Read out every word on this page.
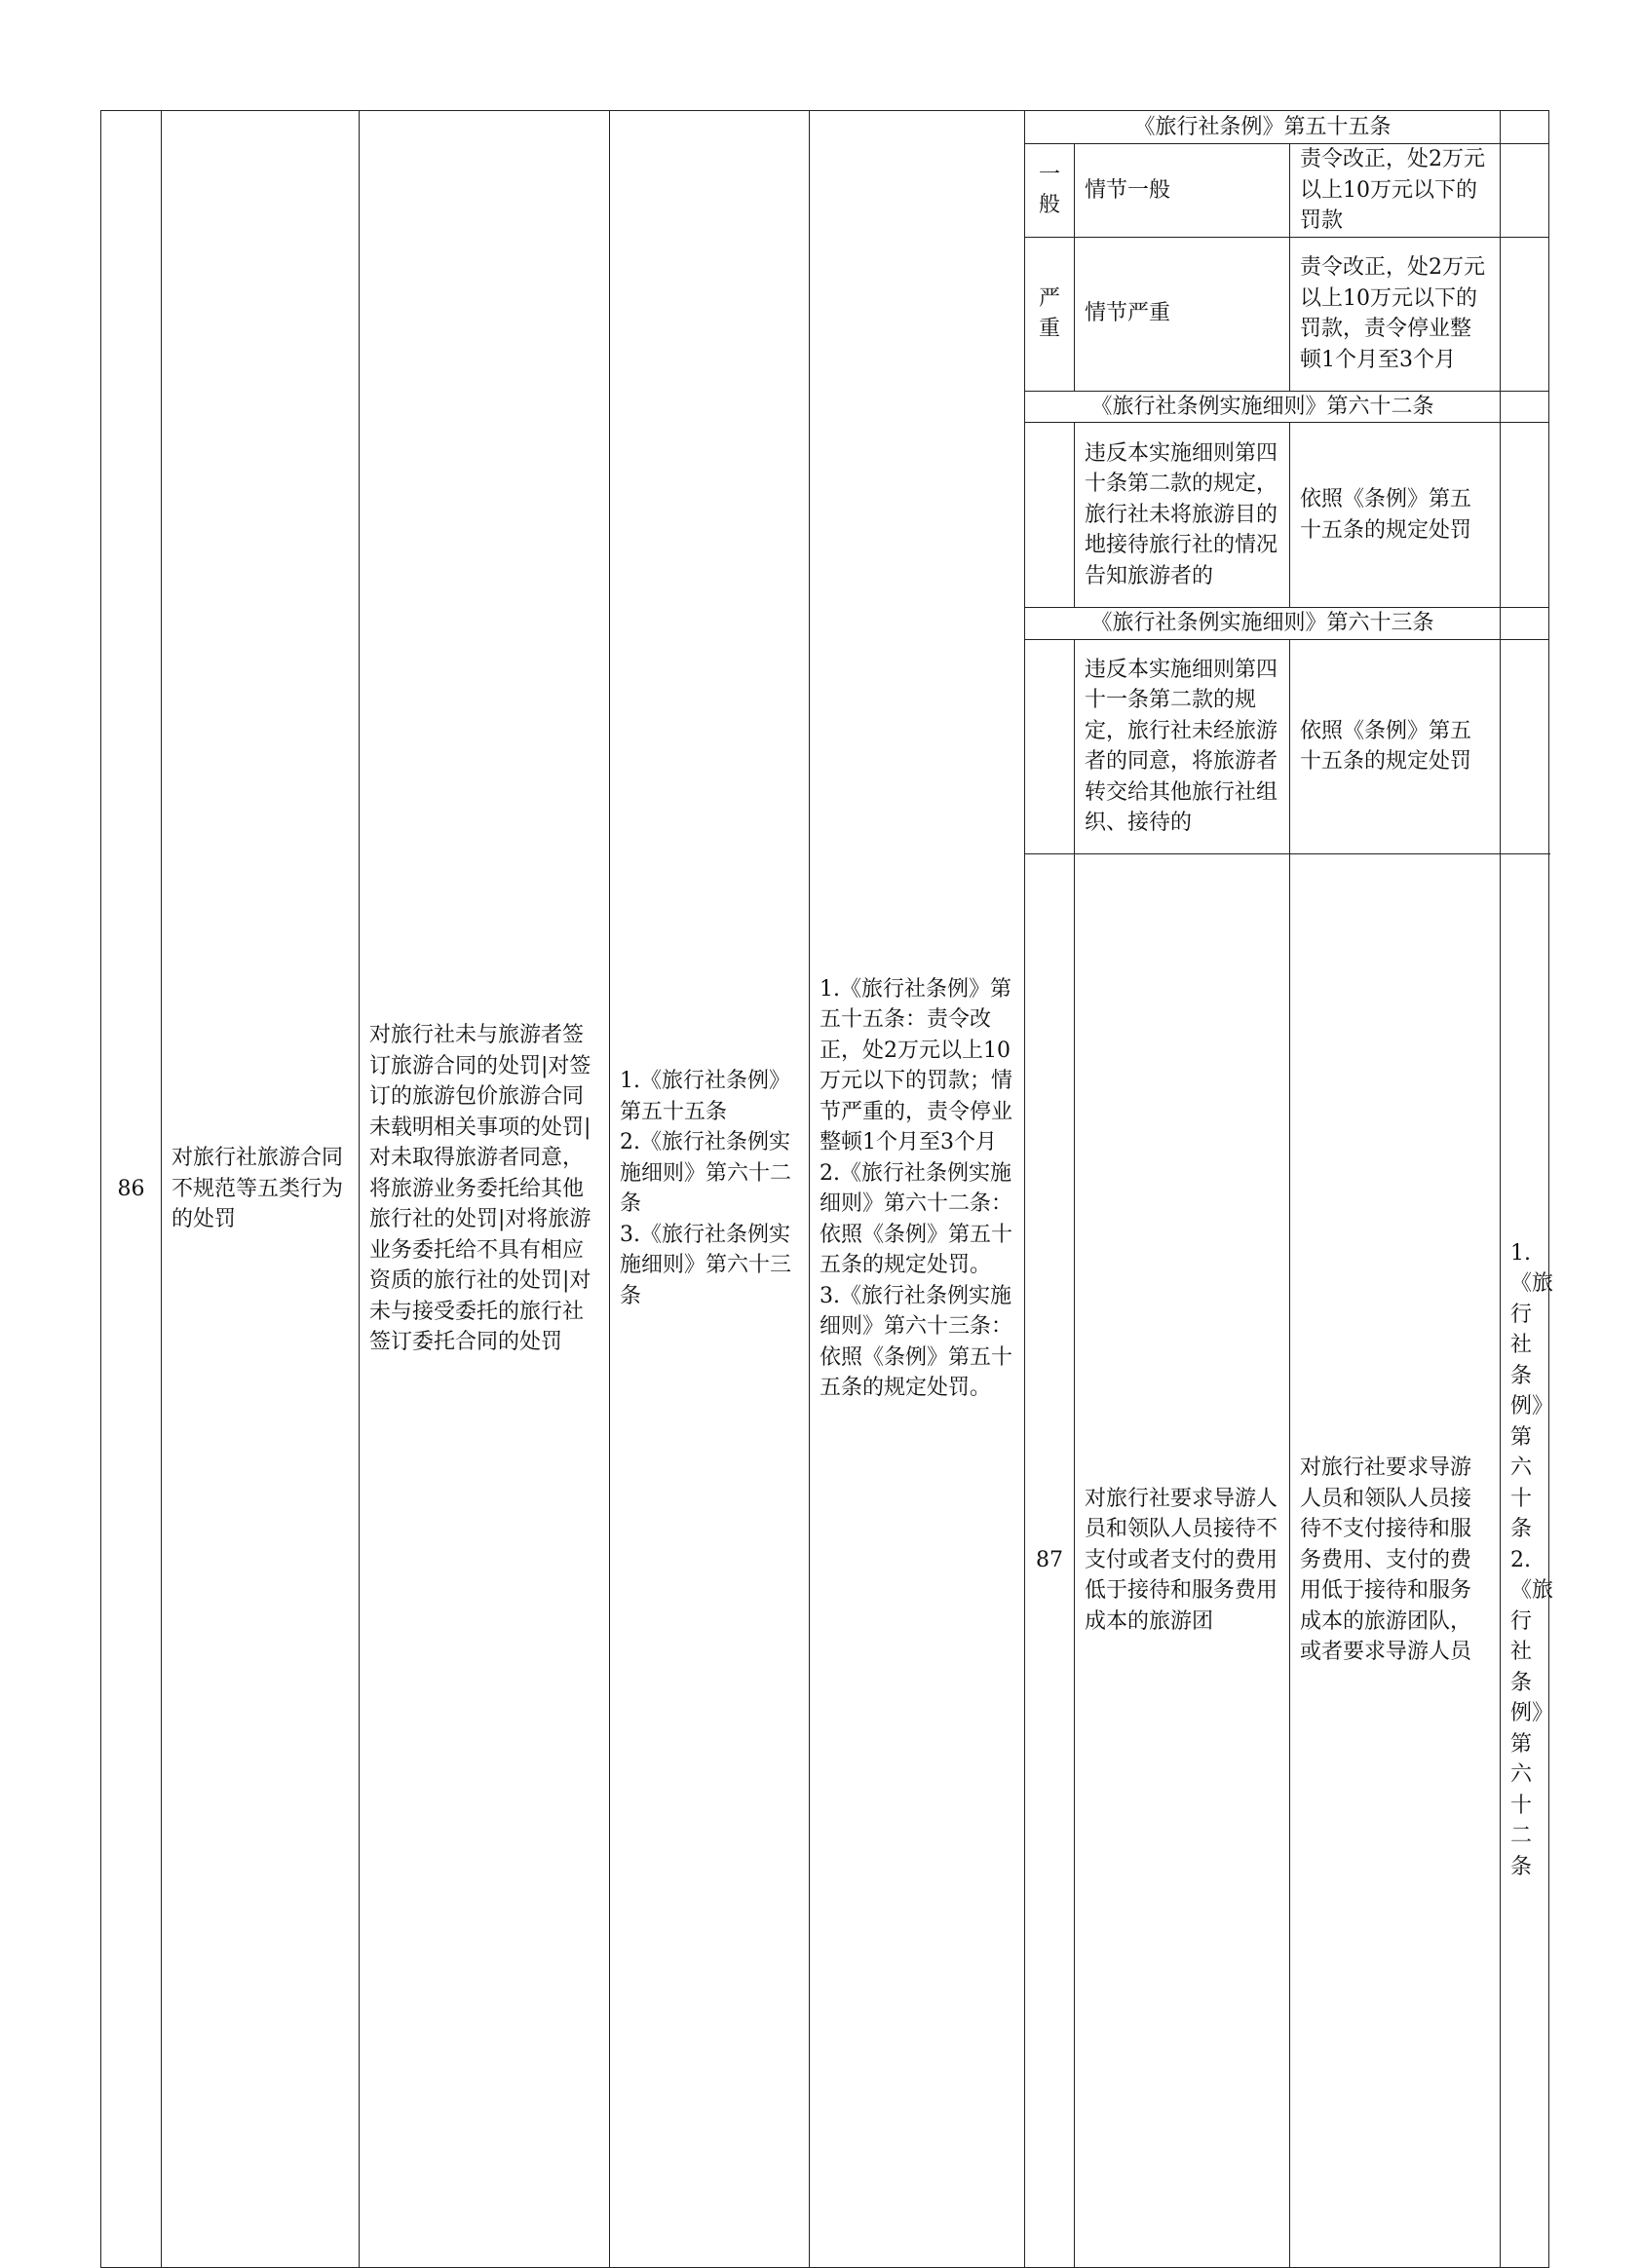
86	对旅行社旅游合同不规范等五类行为的处罚	对旅行社未与旅游者签订旅游合同的处罚|对签订的旅游包价旅游合同未载明相关事项的处罚|对未取得旅游者同意，将旅游业务委托给其他旅行社的处罚|对将旅游业务委托给不具有相应资质的旅行社的处罚|对未与接受委托的旅行社签订委托合同的处罚	1.《旅行社条例》第五十五条
2.《旅行社条例实施细则》第六十二条
3.《旅行社条例实施细则》第六十三条	1.《旅行社条例》第五十五条：责令改正，处2万元以上10万元以下的罚款；情节严重的，责令停业整顿1个月至3个月
2.《旅行社条例实施细则》第六十二条：依照《条例》第五十五条的规定处罚。
3.《旅行社条例实施细则》第六十三条：依照《条例》第五十五条的规定处罚。	《旅行社条例》第五十五条				
					一般	情节一般	责令改正，处2万元以上10万元以下的罚款		
					严重	情节严重	责令改正，处2万元以上10万元以下的罚款，责令停业整顿1个月至3个月		
					《旅行社条例实施细则》第六十二条				
						违反本实施细则第四十条第二款的规定，旅行社未将旅游目的地接待旅行社的情况告知旅游者的	依照《条例》第五十五条的规定处罚		
					《旅行社条例实施细则》第六十三条				
						违反本实施细则第四十一条第二款的规定，旅行社未经旅游者的同意，将旅游者转交给其他旅行社组织、接待的	依照《条例》第五十五条的规定处罚		
					87	对旅行社要求导游人员和领队人员接待不支付或者支付的费用低于接待和服务费用成本的旅游团	对旅行社要求导游人员和领队人员接待不支付接待和服务费用、支付的费用低于接待和服务成本的旅游团队，或者要求导游人员	1.《旅行社条例》第六十条
2.《旅行社条例》第六十二条			
